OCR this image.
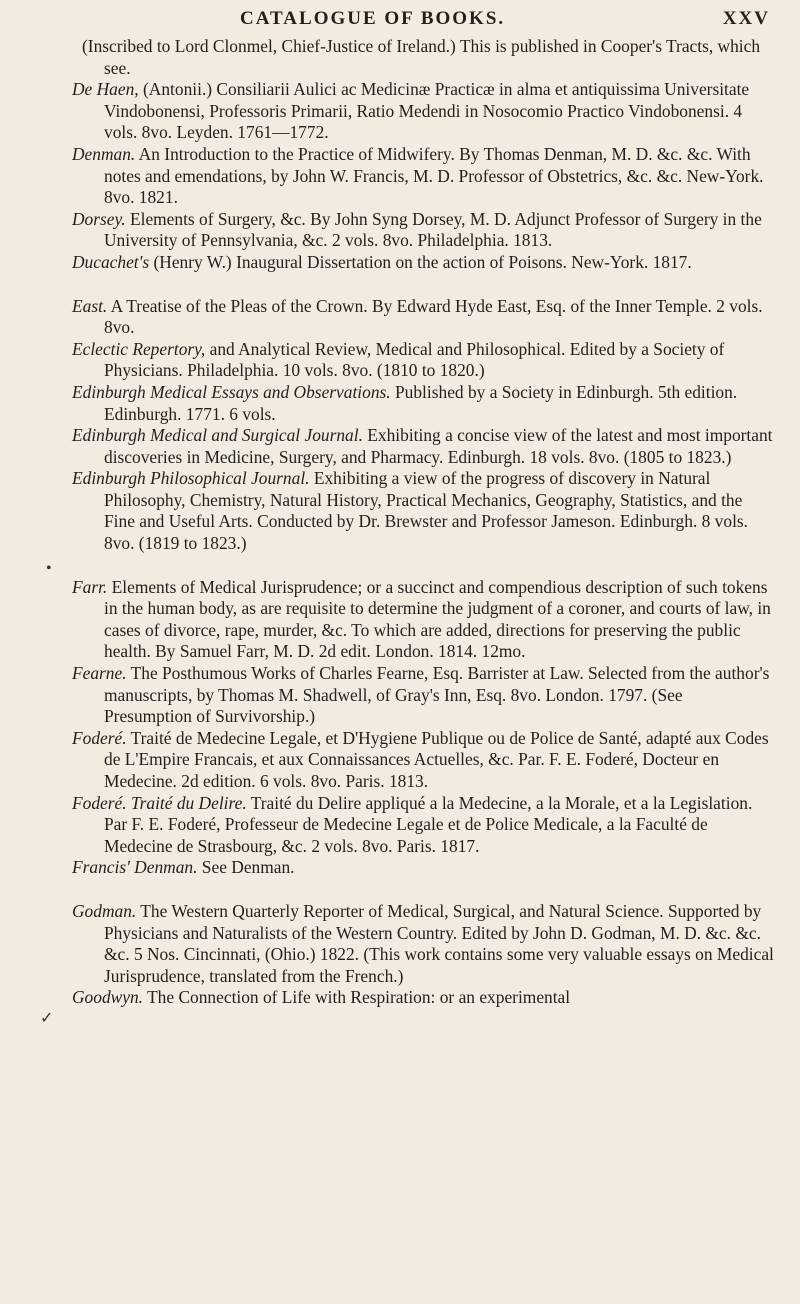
CATALOGUE OF BOOKS.	XXV

(Inscribed to Lord Clonmel, Chief-Justice of Ireland.) This is published in Cooper's Tracts, which see.

De Haen, (Antonii.) Consiliarii Aulici ac Medicinæ Practicæ in alma et antiquissima Universitate Vindobonensi, Professoris Primarii, Ratio Medendi in Nosocomio Practico Vindobonensi. 4 vols. 8vo. Leyden. 1761—1772.

Denman. An Introduction to the Practice of Midwifery. By Thomas Denman, M. D. &c. &c. With notes and emendations, by John W. Francis, M. D. Professor of Obstetrics, &c. &c. New-York. 8vo. 1821.

Dorsey. Elements of Surgery, &c. By John Syng Dorsey, M. D. Adjunct Professor of Surgery in the University of Pennsylvania, &c. 2 vols. 8vo. Philadelphia. 1813.

Ducachet's (Henry W.) Inaugural Dissertation on the action of Poisons. New-York. 1817.

East. A Treatise of the Pleas of the Crown. By Edward Hyde East, Esq. of the Inner Temple. 2 vols. 8vo.

Eclectic Repertory, and Analytical Review, Medical and Philosophical. Edited by a Society of Physicians. Philadelphia. 10 vols. 8vo. (1810 to 1820.)

Edinburgh Medical Essays and Observations. Published by a Society in Edinburgh. 5th edition. Edinburgh. 1771. 6 vols.

Edinburgh Medical and Surgical Journal. Exhibiting a concise view of the latest and most important discoveries in Medicine, Surgery, and Pharmacy. Edinburgh. 18 vols. 8vo. (1805 to 1823.)

Edinburgh Philosophical Journal. Exhibiting a view of the progress of discovery in Natural Philosophy, Chemistry, Natural History, Practical Mechanics, Geography, Statistics, and the Fine and Useful Arts. Conducted by Dr. Brewster and Professor Jameson. Edinburgh. 8 vols. 8vo. (1819 to 1823.)

Farr. Elements of Medical Jurisprudence; or a succinct and compendious description of such tokens in the human body, as are requisite to determine the judgment of a coroner, and courts of law, in cases of divorce, rape, murder, &c. To which are added, directions for preserving the public health. By Samuel Farr, M. D. 2d edit. London. 1814. 12mo.

Fearne. The Posthumous Works of Charles Fearne, Esq. Barrister at Law. Selected from the author's manuscripts, by Thomas M. Shadwell, of Gray's Inn, Esq. 8vo. London. 1797. (See Presumption of Survivorship.)

Foderé. Traité de Medecine Legale, et D'Hygiene Publique ou de Police de Santé, adapté aux Codes de L'Empire Francais, et aux Connaissances Actuelles, &c. Par. F. E. Foderé, Docteur en Medecine. 2d edition. 6 vols. 8vo. Paris. 1813.

Foderé. Traité du Delire. Traité du Delire appliqué a la Medecine, a la Morale, et a la Legislation. Par F. E. Foderé, Professeur de Medecine Legale et de Police Medicale, a la Faculté de Medecine de Strasbourg, &c. 2 vols. 8vo. Paris. 1817.

Francis' Denman. See Denman.

Godman. The Western Quarterly Reporter of Medical, Surgical, and Natural Science. Supported by Physicians and Naturalists of the Western Country. Edited by John D. Godman, M. D. &c. &c. &c. 5 Nos. Cincinnati, (Ohio.) 1822. (This work contains some very valuable essays on Medical Jurisprudence, translated from the French.)

Goodwyn. The Connection of Life with Respiration: or an experimental

•
✓
